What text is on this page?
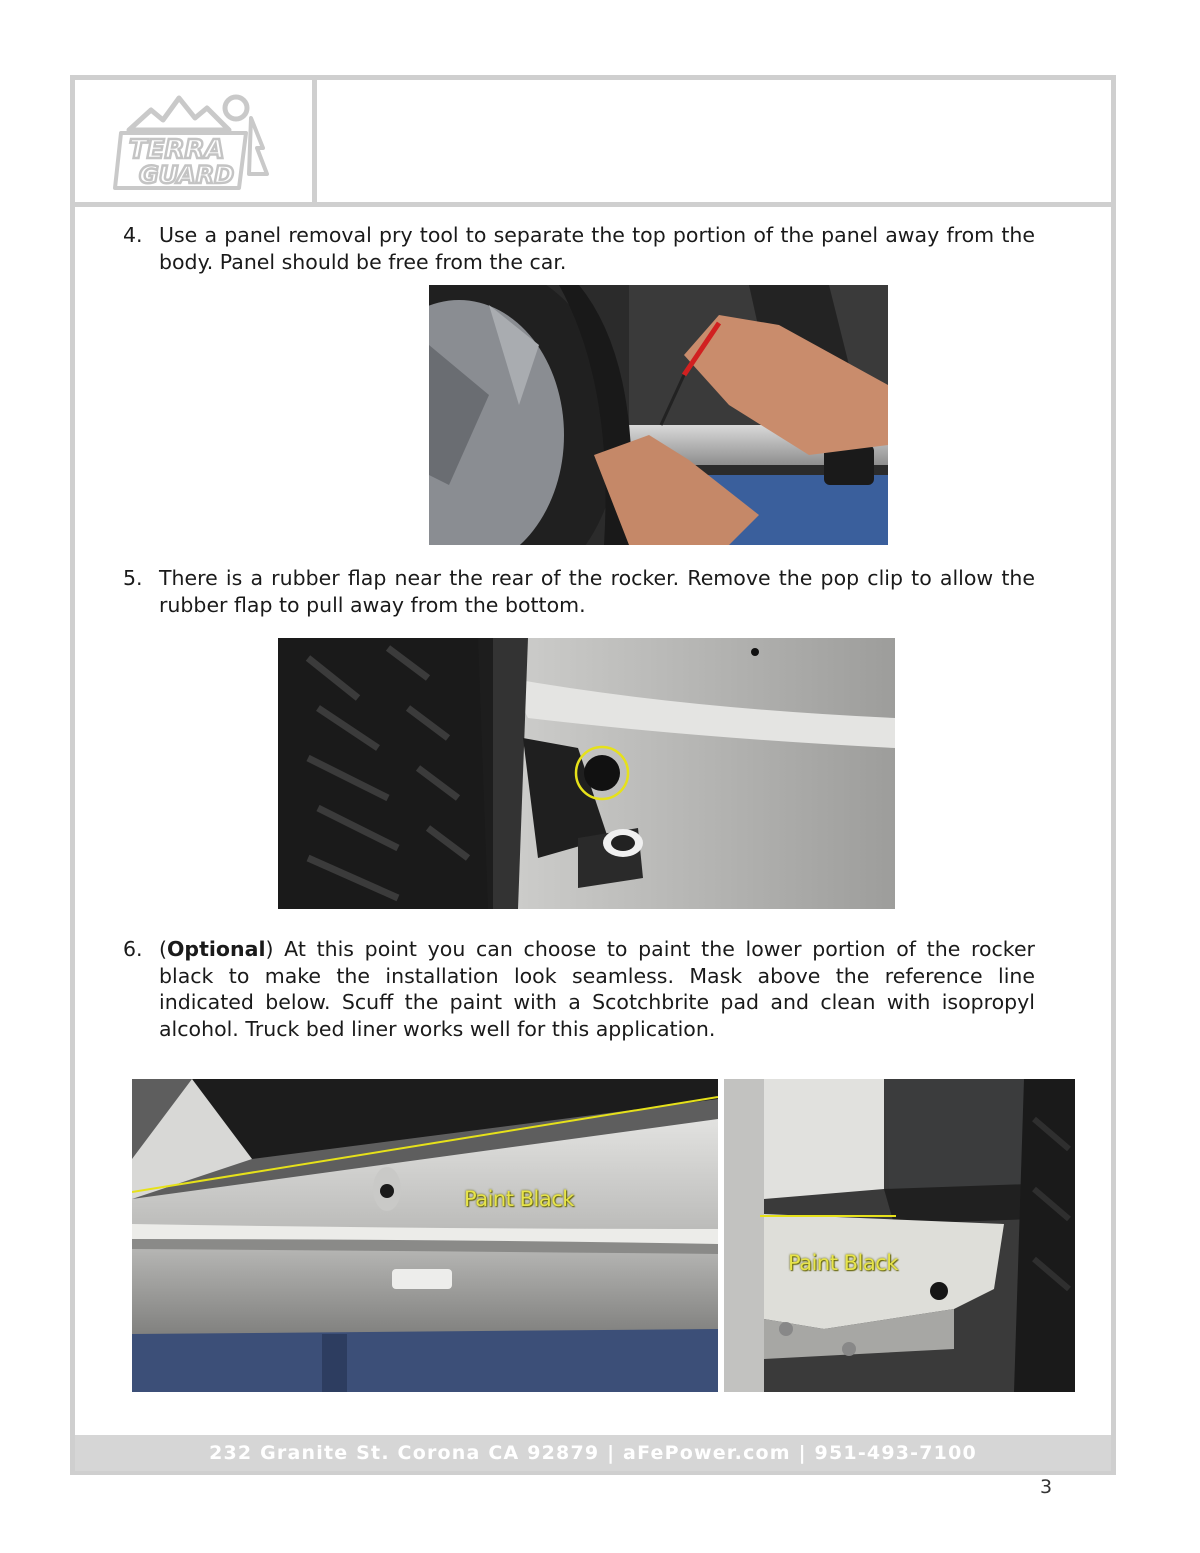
TERRA
GUARD
4. Use a panel removal pry tool to separate the top portion of the panel away from the body. Panel should be free from the car.
5. There is a rubber flap near the rear of the rocker. Remove the pop clip to allow the rubber flap to pull away from the bottom.
6. (Optional) At this point you can choose to paint the lower portion of the rocker black to make the installation look seamless. Mask above the reference line indicated below. Scuff the paint with a Scotchbrite pad and clean with isopropyl alcohol. Truck bed liner works well for this application.
Paint Black
Paint Black
232 Granite St. Corona CA 92879 | aFePower.com | 951-493-7100
3
